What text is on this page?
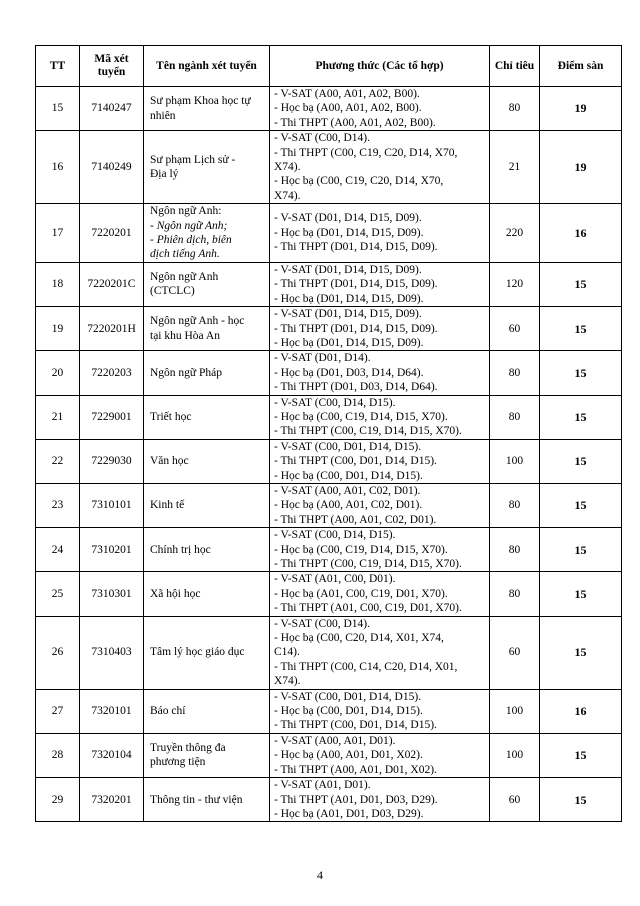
TT	Mã xét tuyển	Tên ngành xét tuyển	Phương thức (Các tổ hợp)	Chỉ tiêu	Điểm sàn
15	7140247	Sư phạm Khoa học tự nhiên	- V-SAT (A00, A01, A02, B00).
- Học bạ (A00, A01, A02, B00).
- Thi THPT (A00, A01, A02, B00).	80	19
16	7140249	Sư phạm Lịch sử -
Địa lý	- V-SAT (C00, D14).
- Thi THPT (C00, C19, C20, D14, X70,
X74).
- Học bạ (C00, C19, C20, D14, X70,
X74).	21	19
17	7220201	Ngôn ngữ Anh:
- Ngôn ngữ Anh;
- Phiên dịch, biên
dịch tiếng Anh.	- V-SAT (D01, D14, D15, D09).
- Học bạ (D01, D14, D15, D09).
- Thi THPT (D01, D14, D15, D09).	220	16
18	7220201C	Ngôn ngữ Anh
(CTCLC)	- V-SAT (D01, D14, D15, D09).
- Thi THPT (D01, D14, D15, D09).
- Học bạ (D01, D14, D15, D09).	120	15
19	7220201H	Ngôn ngữ Anh - học
tại khu Hòa An	- V-SAT (D01, D14, D15, D09).
- Thi THPT (D01, D14, D15, D09).
- Học bạ (D01, D14, D15, D09).	60	15
20	7220203	Ngôn ngữ Pháp	- V-SAT (D01, D14).
- Học bạ (D01, D03, D14, D64).
- Thi THPT (D01, D03, D14, D64).	80	15
21	7229001	Triết học	- V-SAT (C00, D14, D15).
- Học bạ (C00, C19, D14, D15, X70).
- Thi THPT (C00, C19, D14, D15, X70).	80	15
22	7229030	Văn học	- V-SAT (C00, D01, D14, D15).
- Thi THPT (C00, D01, D14, D15).
- Học bạ (C00, D01, D14, D15).	100	15
23	7310101	Kinh tế	- V-SAT (A00, A01, C02, D01).
- Học bạ (A00, A01, C02, D01).
- Thi THPT (A00, A01, C02, D01).	80	15
24	7310201	Chính trị học	- V-SAT (C00, D14, D15).
- Học bạ (C00, C19, D14, D15, X70).
- Thi THPT (C00, C19, D14, D15, X70).	80	15
25	7310301	Xã hội học	- V-SAT (A01, C00, D01).
- Học bạ (A01, C00, C19, D01, X70).
- Thi THPT (A01, C00, C19, D01, X70).	80	15
26	7310403	Tâm lý học giáo dục	- V-SAT (C00, D14).
- Học bạ (C00, C20, D14, X01, X74,
C14).
- Thi THPT (C00, C14, C20, D14, X01,
X74).	60	15
27	7320101	Báo chí	- V-SAT (C00, D01, D14, D15).
- Học bạ (C00, D01, D14, D15).
- Thi THPT (C00, D01, D14, D15).	100	16
28	7320104	Truyền thông đa
phương tiện	- V-SAT (A00, A01, D01).
- Học bạ (A00, A01, D01, X02).
- Thi THPT (A00, A01, D01, X02).	100	15
29	7320201	Thông tin - thư viện	- V-SAT (A01, D01).
- Thi THPT (A01, D01, D03, D29).
- Học bạ (A01, D01, D03, D29).	60	15
4
